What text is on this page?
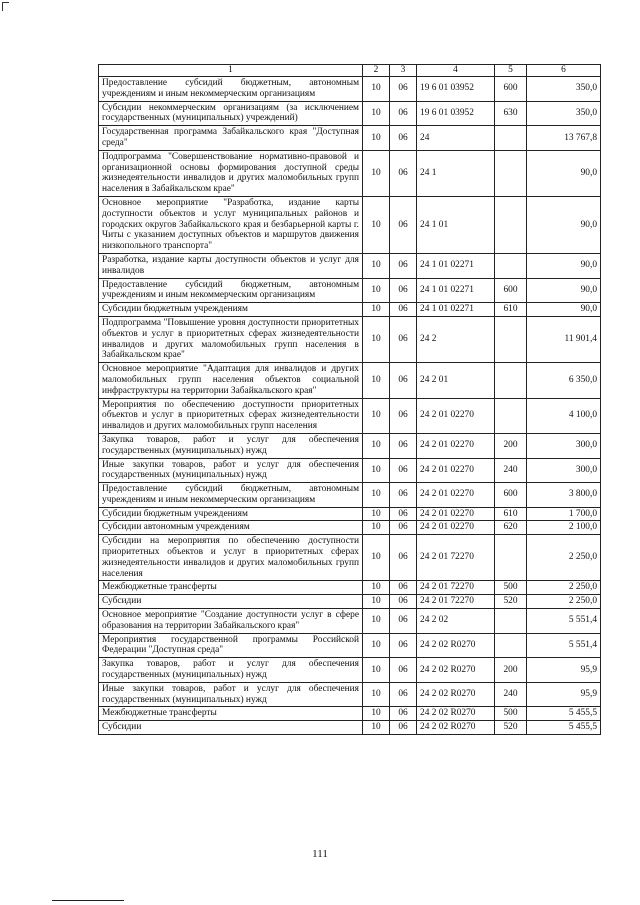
1	2	3	4	5	6
Предоставление субсидий бюджетным, автономным учреждениям и иным некоммерческим организациям	10	06	19 6 01 03952	600	350,0
Субсидии некоммерческим организациям (за исключением государственных (муниципальных) учреждений)	10	06	19 6 01 03952	630	350,0
Государственная программа Забайкальского края "Доступная среда"	10	06	24		13 767,8
Подпрограмма "Совершенствование нормативно-правовой и организационной основы формирования доступной среды жизнедеятельности инвалидов и других маломобильных групп населения в Забайкальском крае"	10	06	24 1		90,0
Основное мероприятие "Разработка, издание карты доступности объектов и услуг муниципальных районов и городских округов Забайкальского края и безбарьерной карты г. Читы с указанием доступных объектов и маршрутов движения низкопольного транспорта"	10	06	24 1 01		90,0
Разработка, издание карты доступности объектов и услуг для инвалидов	10	06	24 1 01 02271		90,0
Предоставление субсидий бюджетным, автономным учреждениям и иным некоммерческим организациям	10	06	24 1 01 02271	600	90,0
Субсидии бюджетным учреждениям	10	06	24 1 01 02271	610	90,0
Подпрограмма "Повышение уровня доступности приоритетных объектов и услуг в приоритетных сферах жизнедеятельности инвалидов и других маломобильных групп населения в Забайкальском крае"	10	06	24 2		11 901,4
Основное мероприятие "Адаптация для инвалидов и других маломобильных групп населения объектов социальной инфраструктуры на территории Забайкальского края"	10	06	24 2 01		6 350,0
Мероприятия по обеспечению доступности приоритетных объектов и услуг в приоритетных сферах жизнедеятельности инвалидов и других маломобильных групп населения	10	06	24 2 01 02270		4 100,0
Закупка товаров, работ и услуг для обеспечения государственных (муниципальных) нужд	10	06	24 2 01 02270	200	300,0
Иные закупки товаров, работ и услуг для обеспечения государственных (муниципальных) нужд	10	06	24 2 01 02270	240	300,0
Предоставление субсидий бюджетным, автономным учреждениям и иным некоммерческим организациям	10	06	24 2 01 02270	600	3 800,0
Субсидии бюджетным учреждениям	10	06	24 2 01 02270	610	1 700,0
Субсидии автономным учреждениям	10	06	24 2 01 02270	620	2 100,0
Субсидии на мероприятия по обеспечению доступности приоритетных объектов и услуг в приоритетных сферах жизнедеятельности инвалидов и других маломобильных групп населения	10	06	24 2 01 72270		2 250,0
Межбюджетные трансферты	10	06	24 2 01 72270	500	2 250,0
Субсидии	10	06	24 2 01 72270	520	2 250,0
Основное мероприятие "Создание доступности услуг в сфере образования на территории Забайкальского края"	10	06	24 2 02		5 551,4
Мероприятия государственной программы Российской Федерации "Доступная среда"	10	06	24 2 02 R0270		5 551,4
Закупка товаров, работ и услуг для обеспечения государственных (муниципальных) нужд	10	06	24 2 02 R0270	200	95,9
Иные закупки товаров, работ и услуг для обеспечения государственных (муниципальных) нужд	10	06	24 2 02 R0270	240	95,9
Межбюджетные трансферты	10	06	24 2 02 R0270	500	5 455,5
Субсидии	10	06	24 2 02 R0270	520	5 455,5
111
